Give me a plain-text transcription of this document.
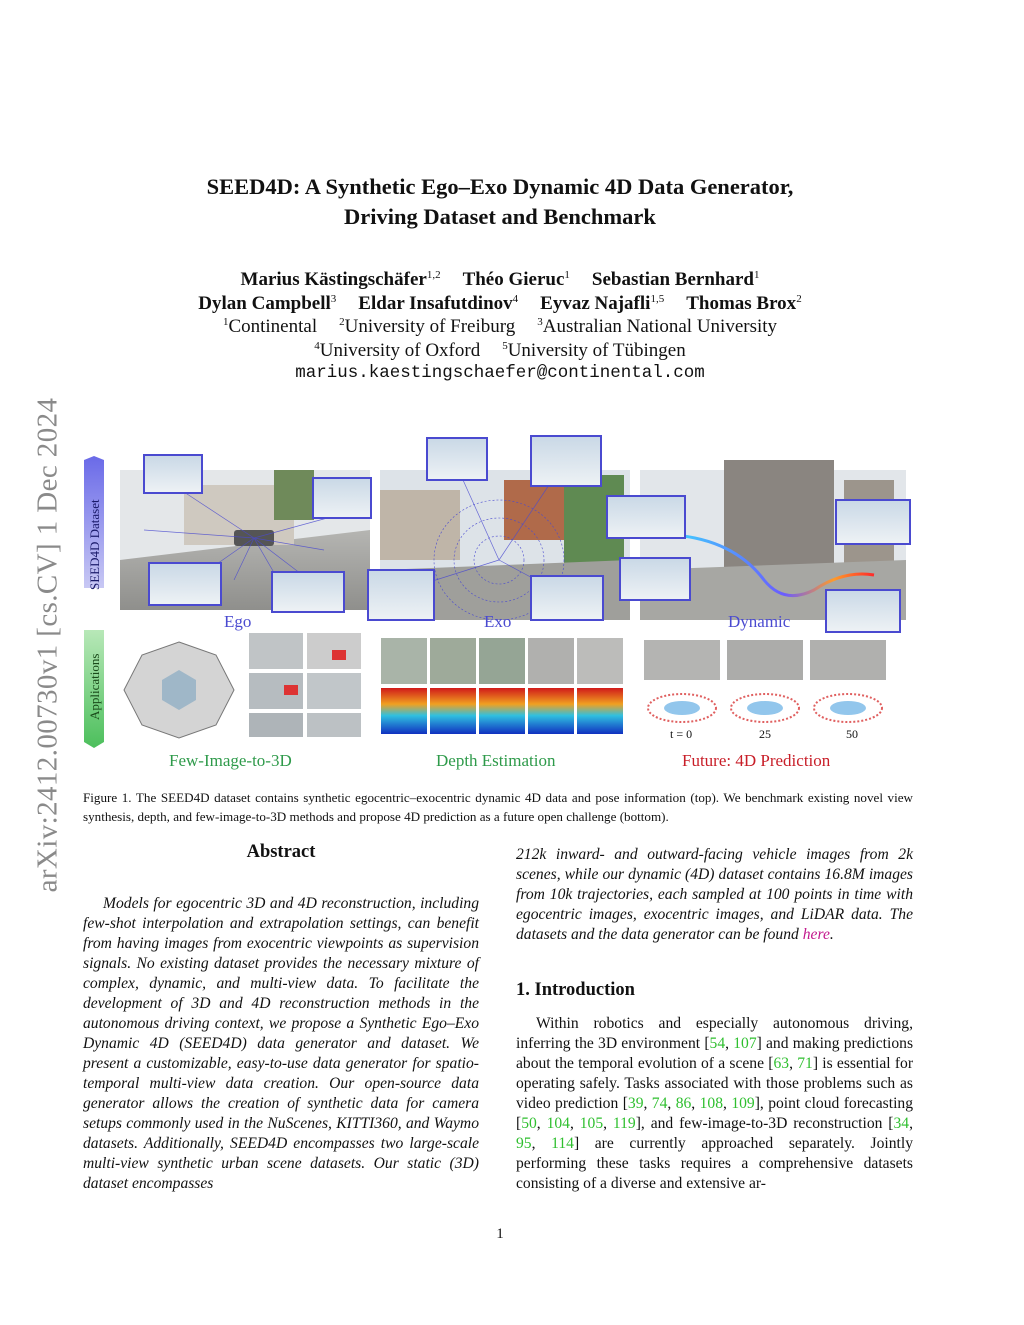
arXiv:2412.00730v1 [cs.CV] 1 Dec 2024
SEED4D: A Synthetic Ego–Exo Dynamic 4D Data Generator,
Driving Dataset and Benchmark
Marius Kästingschäfer$^{1,2}$ Théo Gieruc$^1$ Sebastian Bernhard$^1$
Dylan Campbell$^3$ Eldar Insafutdinov$^4$ Eyvaz Najafli$^{1,5}$ Thomas Brox$^2$
$^1$Continental $^2$University of Freiburg $^3$Australian National University
$^4$University of Oxford $^5$University of Tübingen
marius.kaestingschaefer@continental.com
SEED4D Dataset
Applications
Ego	Exo	Dynamic
Few-Image-to-3D	Depth Estimation
t = 0	25	50
Future: 4D Prediction
Figure 1. The SEED4D dataset contains synthetic egocentric–exocentric dynamic 4D data and pose information (top). We benchmark existing novel view synthesis, depth, and few-image-to-3D methods and propose 4D prediction as a future open challenge (bottom).
Abstract
Models for egocentric 3D and 4D reconstruction, including few-shot interpolation and extrapolation settings, can benefit from having images from exocentric viewpoints as supervision signals. No existing dataset provides the necessary mixture of complex, dynamic, and multi-view data. To facilitate the development of 3D and 4D reconstruction methods in the autonomous driving context, we propose a Synthetic Ego–Exo Dynamic 4D (SEED4D) data generator and dataset. We present a customizable, easy-to-use data generator for spatio-temporal multi-view data creation. Our open-source data generator allows the creation of synthetic data for camera setups commonly used in the NuScenes, KITTI360, and Waymo datasets. Additionally, SEED4D encompasses two large-scale multi-view synthetic urban scene datasets. Our static (3D) dataset encompasses
212k inward- and outward-facing vehicle images from 2k scenes, while our dynamic (4D) dataset contains 16.8M images from 10k trajectories, each sampled at 100 points in time with egocentric images, exocentric images, and LiDAR data. The datasets and the data generator can be found here.
1. Introduction
Within robotics and especially autonomous driving, inferring the 3D environment [54, 107] and making predictions about the temporal evolution of a scene [63, 71] is essential for operating safely. Tasks associated with those problems such as video prediction [39, 74, 86, 108, 109], point cloud forecasting [50, 104, 105, 119], and few-image-to-3D reconstruction [34, 95, 114] are currently approached separately. Jointly performing these tasks requires a comprehensive datasets consisting of a diverse and extensive ar-
1
